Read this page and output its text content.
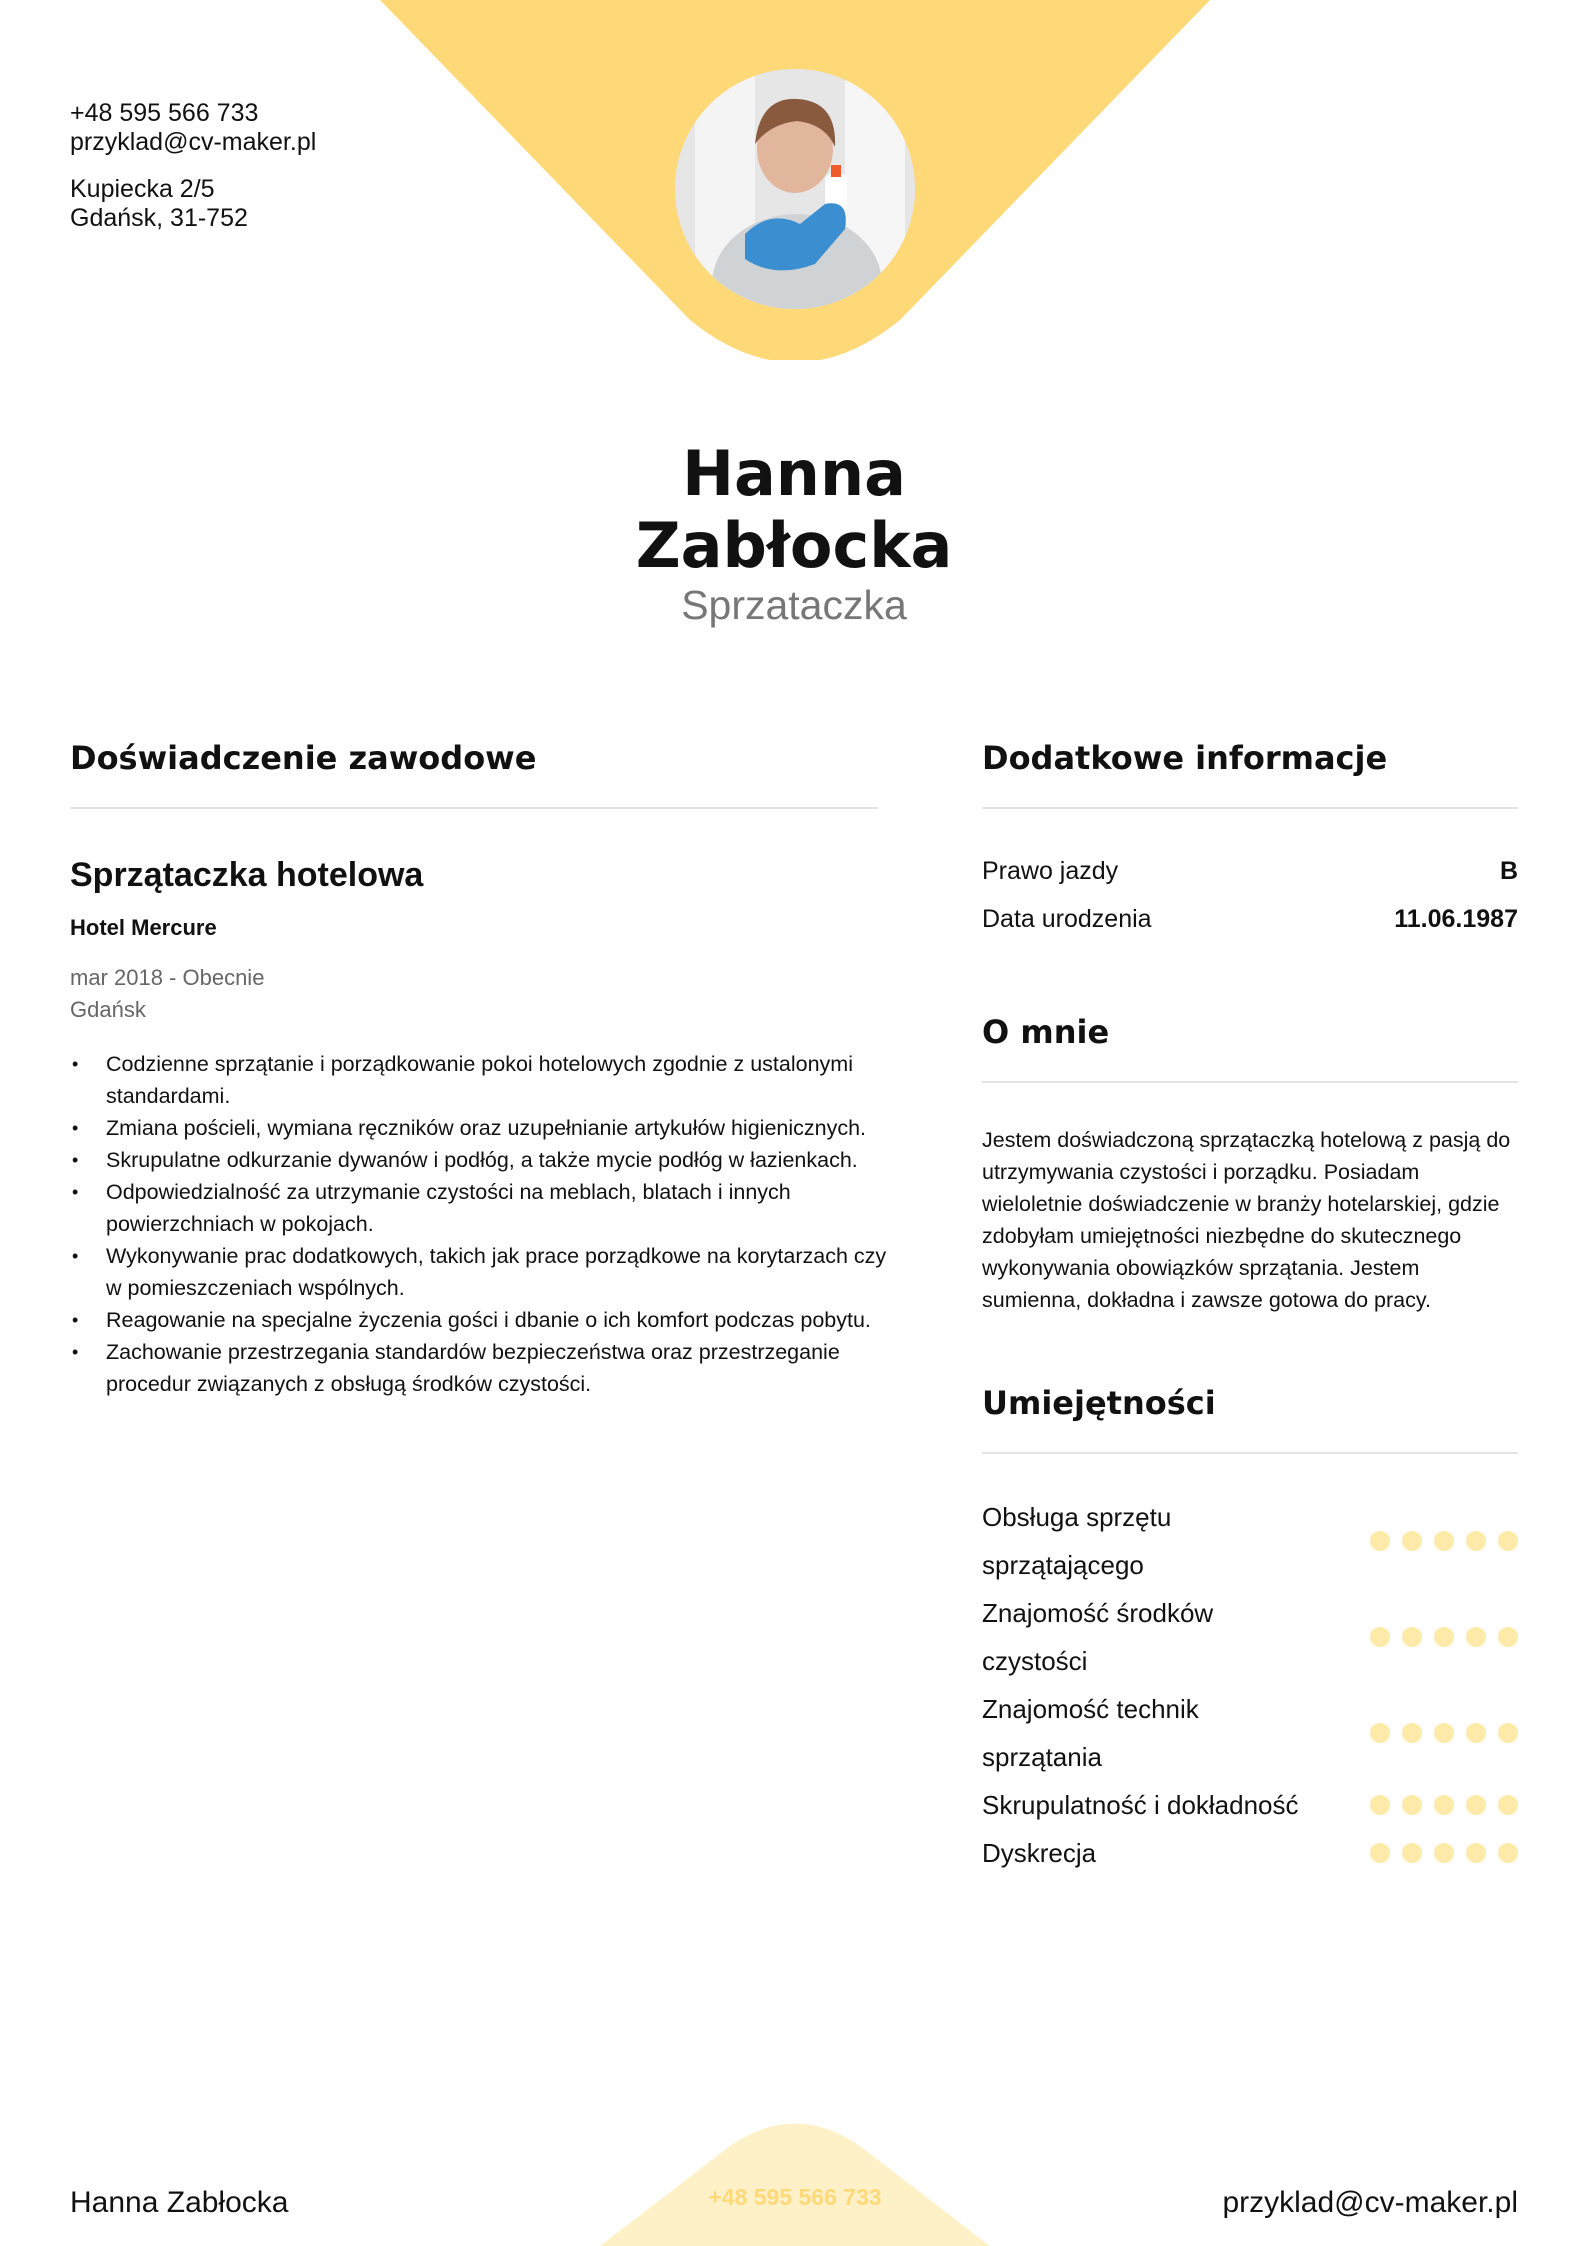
+48 595 566 733
przyklad@cv-maker.pl
Kupiecka 2/5
Gdańsk, 31-752
Hanna
Zabłocka
Sprzataczka
Doświadczenie zawodowe
Sprzątaczka hotelowa
Hotel Mercure
mar 2018 - Obecnie
Gdańsk
• Codzienne sprzątanie i porządkowanie pokoi hotelowych zgodnie z ustalonymi standardami.
• Zmiana pościeli, wymiana ręczników oraz uzupełnianie artykułów higienicznych.
• Skrupulatne odkurzanie dywanów i podłóg, a także mycie podłóg w łazienkach.
• Odpowiedzialność za utrzymanie czystości na meblach, blatach i innych powierzchniach w pokojach.
• Wykonywanie prac dodatkowych, takich jak prace porządkowe na korytarzach czy w pomieszczeniach wspólnych.
• Reagowanie na specjalne życzenia gości i dbanie o ich komfort podczas pobytu.
• Zachowanie przestrzegania standardów bezpieczeństwa oraz przestrzeganie procedur związanych z obsługą środków czystości.
Dodatkowe informacje
Prawo jazdy	B
Data urodzenia	11.06.1987
O mnie
Jestem doświadczoną sprzątaczką hotelową z pasją do utrzymywania czystości i porządku. Posiadam wieloletnie doświadczenie w branży hotelarskiej, gdzie zdobyłam umiejętności niezbędne do skutecznego wykonywania obowiązków sprzątania. Jestem sumienna, dokładna i zawsze gotowa do pracy.
Umiejętności
Obsługa sprzętu sprzątającego
Znajomość środków czystości
Znajomość technik sprzątania
Skrupulatność i dokładność
Dyskrecja
Hanna Zabłocka	+48 595 566 733	przyklad@cv-maker.pl
